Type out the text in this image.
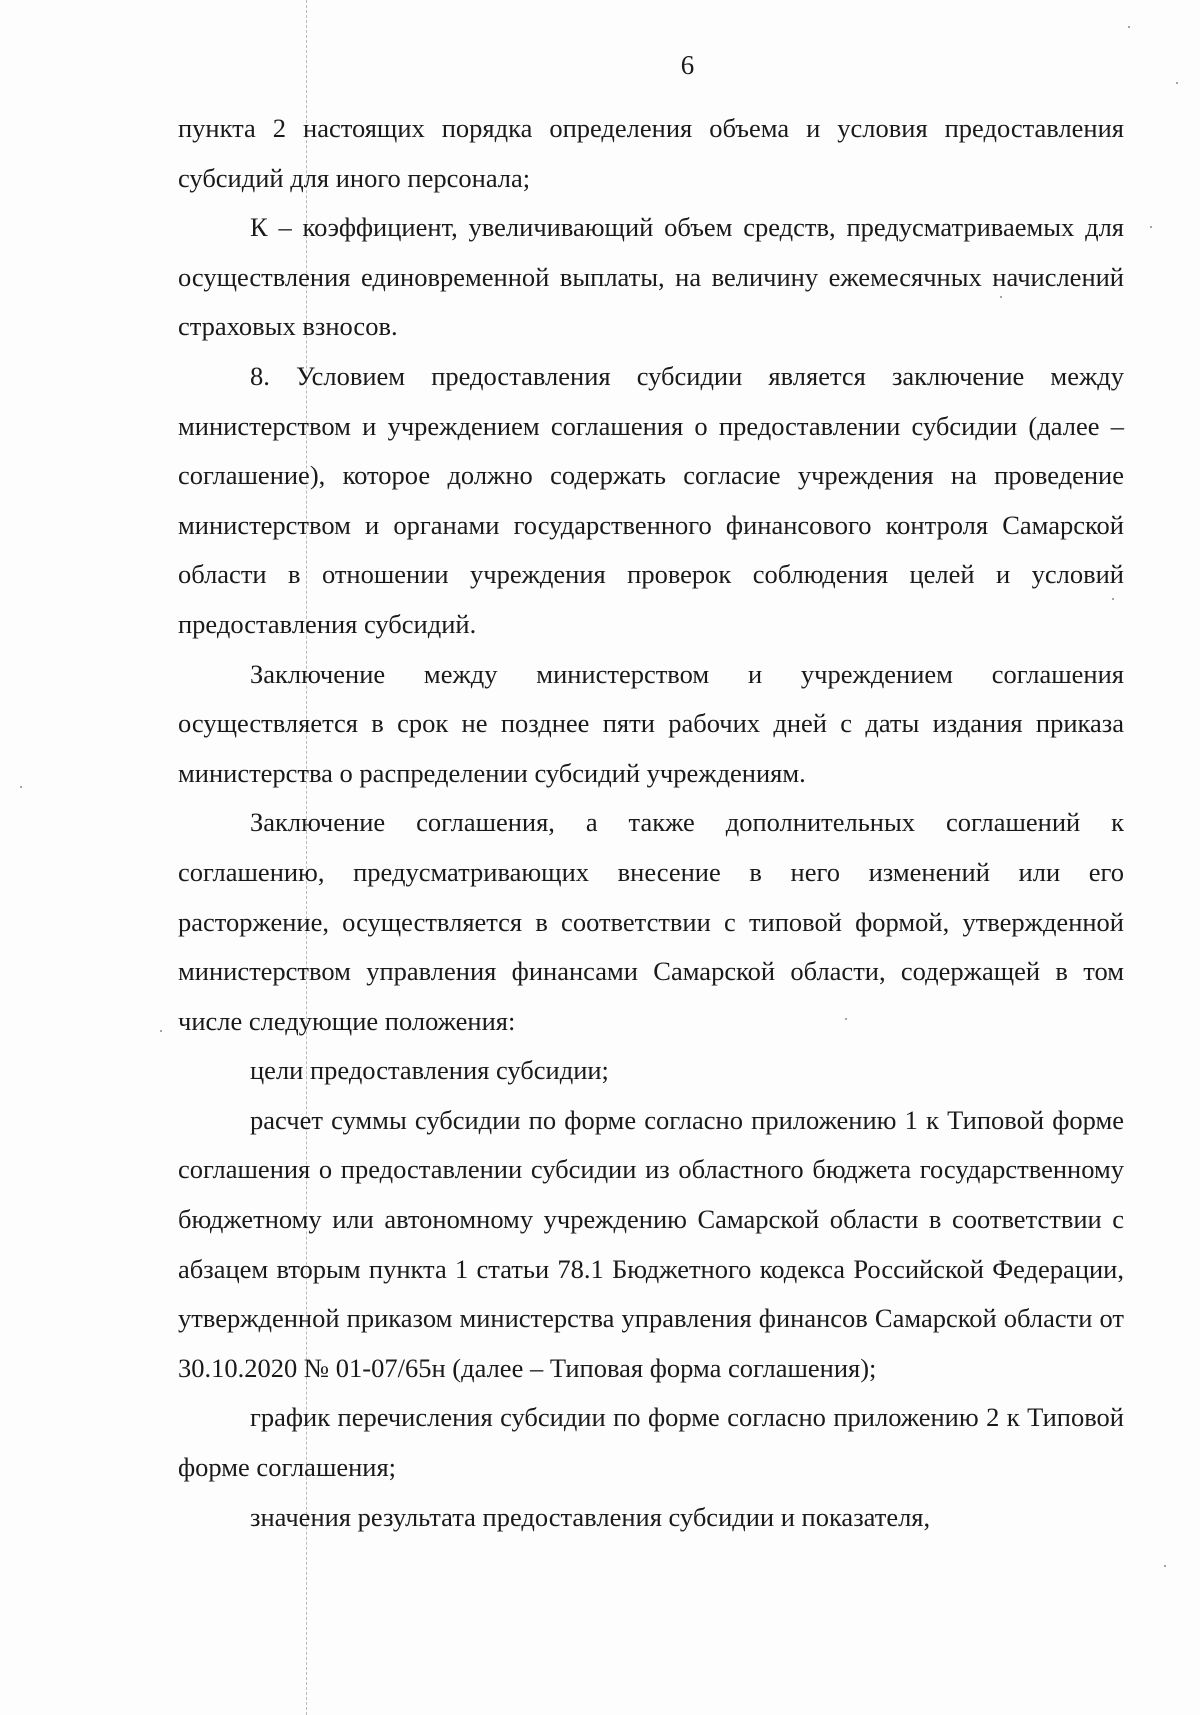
6

пункта 2 настоящих порядка определения объема и условия предоставления субсидий для иного персонала;

К – коэффициент, увеличивающий объем средств, предусматриваемых для осуществления единовременной выплаты, на величину ежемесячных начислений страховых взносов.

8. Условием предоставления субсидии является заключение между министерством и учреждением соглашения о предоставлении субсидии (далее – соглашение), которое должно содержать согласие учреждения на проведение министерством и органами государственного финансового контроля Самарской области в отношении учреждения проверок соблюдения целей и условий предоставления субсидий.

Заключение между министерством и учреждением соглашения осуществляется в срок не позднее пяти рабочих дней с даты издания приказа министерства о распределении субсидий учреждениям.

Заключение соглашения, а также дополнительных соглашений к соглашению, предусматривающих внесение в него изменений или его расторжение, осуществляется в соответствии с типовой формой, утвержденной министерством управления финансами Самарской области, содержащей в том числе следующие положения:

цели предоставления субсидии;

расчет суммы субсидии по форме согласно приложению 1 к Типовой форме соглашения о предоставлении субсидии из областного бюджета государственному бюджетному или автономному учреждению Самарской области в соответствии с абзацем вторым пункта 1 статьи 78.1 Бюджетного кодекса Российской Федерации, утвержденной приказом министерства управления финансов Самарской области от 30.10.2020 № 01-07/65н (далее – Типовая форма соглашения);

график перечисления субсидии по форме согласно приложению 2 к Типовой форме соглашения;

значения результата предоставления субсидии и показателя,
